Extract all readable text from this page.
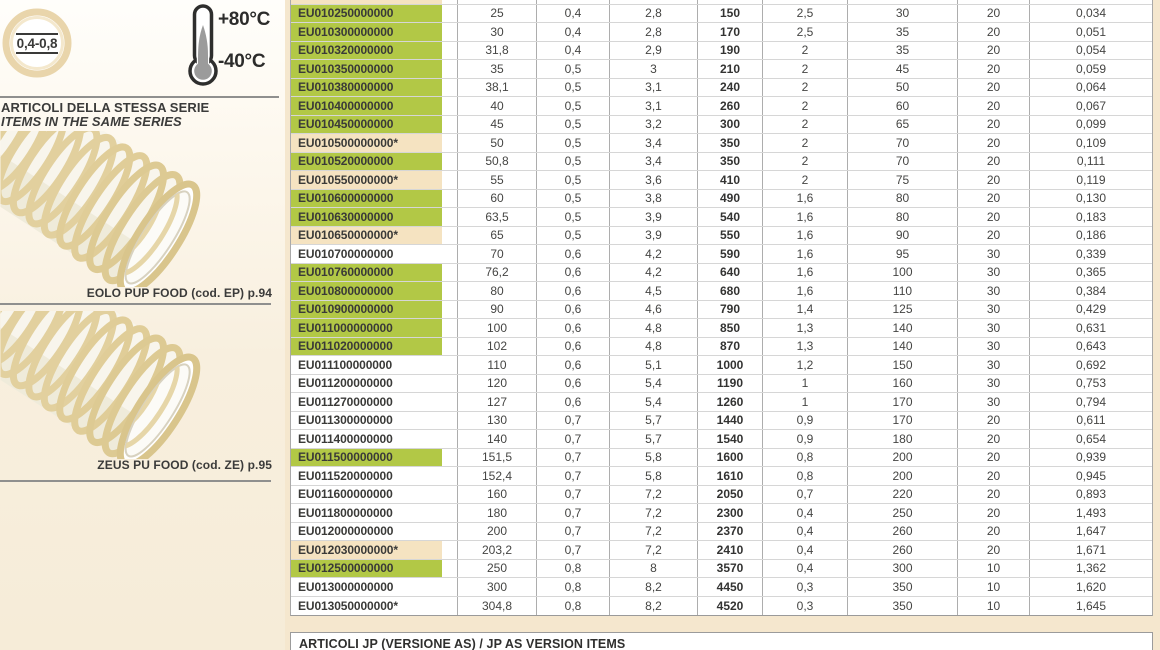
0,4-0,8
+80°C
-40°C
ARTICOLI DELLA STESSA SERIE
ITEMS IN THE SAME SERIES
EOLO PUP FOOD (cod. EP) p.94
ZEUS PU FOOD (cod. ZE) p.95
EU010250000000	25	0,4	2,8	150	2,5	30	20	0,034
EU010300000000	30	0,4	2,8	170	2,5	35	20	0,051
EU010320000000	31,8	0,4	2,9	190	2	35	20	0,054
EU010350000000	35	0,5	3	210	2	45	20	0,059
EU010380000000	38,1	0,5	3,1	240	2	50	20	0,064
EU010400000000	40	0,5	3,1	260	2	60	20	0,067
EU010450000000	45	0,5	3,2	300	2	65	20	0,099
EU010500000000*	50	0,5	3,4	350	2	70	20	0,109
EU010520000000	50,8	0,5	3,4	350	2	70	20	0,111
EU010550000000*	55	0,5	3,6	410	2	75	20	0,119
EU010600000000	60	0,5	3,8	490	1,6	80	20	0,130
EU010630000000	63,5	0,5	3,9	540	1,6	80	20	0,183
EU010650000000*	65	0,5	3,9	550	1,6	90	20	0,186
EU010700000000	70	0,6	4,2	590	1,6	95	30	0,339
EU010760000000	76,2	0,6	4,2	640	1,6	100	30	0,365
EU010800000000	80	0,6	4,5	680	1,6	110	30	0,384
EU010900000000	90	0,6	4,6	790	1,4	125	30	0,429
EU011000000000	100	0,6	4,8	850	1,3	140	30	0,631
EU011020000000	102	0,6	4,8	870	1,3	140	30	0,643
EU011100000000	110	0,6	5,1	1000	1,2	150	30	0,692
EU011200000000	120	0,6	5,4	1190	1	160	30	0,753
EU011270000000	127	0,6	5,4	1260	1	170	30	0,794
EU011300000000	130	0,7	5,7	1440	0,9	170	20	0,611
EU011400000000	140	0,7	5,7	1540	0,9	180	20	0,654
EU011500000000	151,5	0,7	5,8	1600	0,8	200	20	0,939
EU011520000000	152,4	0,7	5,8	1610	0,8	200	20	0,945
EU011600000000	160	0,7	7,2	2050	0,7	220	20	0,893
EU011800000000	180	0,7	7,2	2300	0,4	250	20	1,493
EU012000000000	200	0,7	7,2	2370	0,4	260	20	1,647
EU012030000000*	203,2	0,7	7,2	2410	0,4	260	20	1,671
EU012500000000	250	0,8	8	3570	0,4	300	10	1,362
EU013000000000	300	0,8	8,2	4450	0,3	350	10	1,620
EU013050000000*	304,8	0,8	8,2	4520	0,3	350	10	1,645
ARTICOLI JP (VERSIONE AS) / JP AS VERSION ITEMS
